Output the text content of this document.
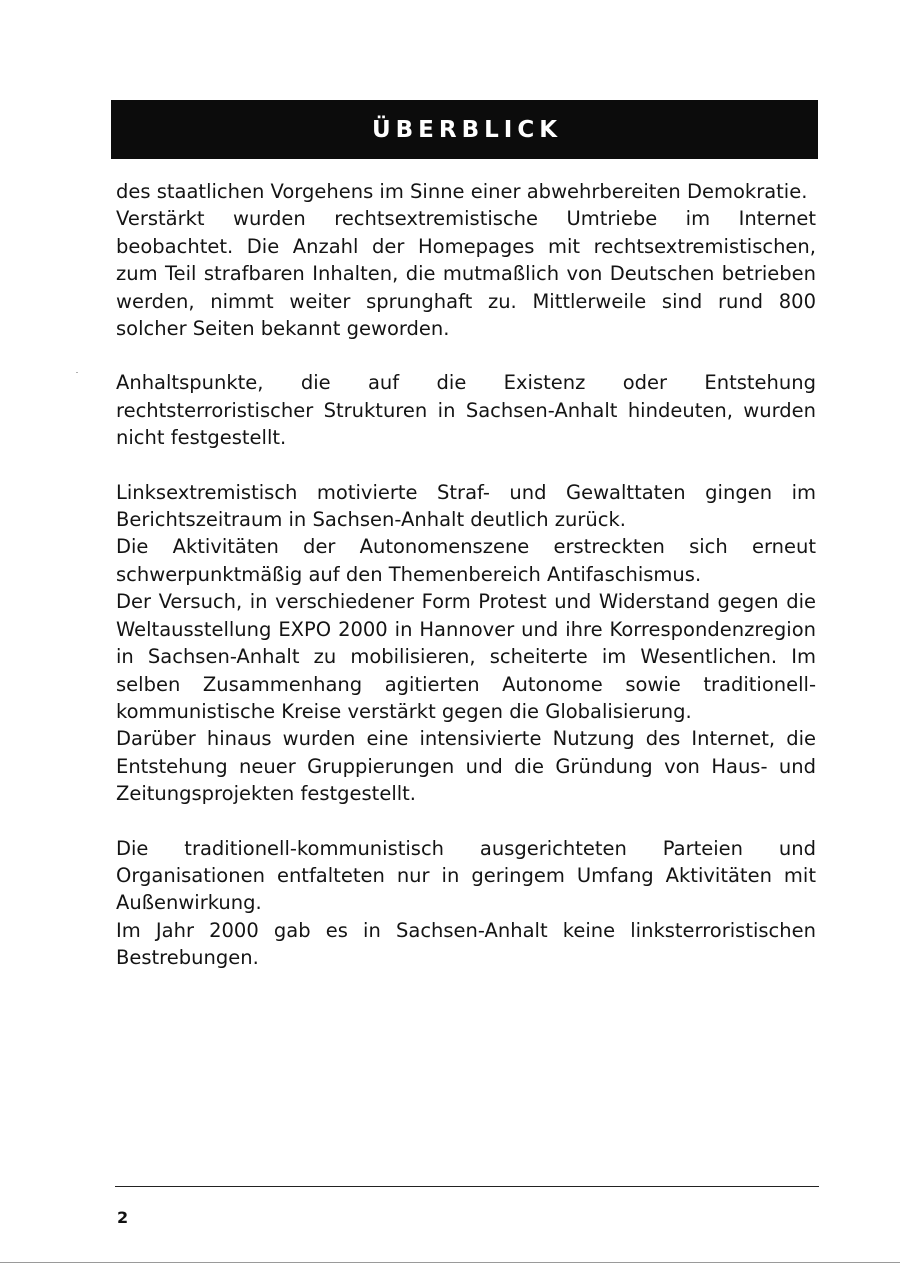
ÜBERBLICK

des staatlichen Vorgehens im Sinne einer abwehrbereiten Demokratie.

Verstärkt wurden rechtsextremistische Umtriebe im Internet beobachtet. Die Anzahl der Homepages mit rechtsextremistischen, zum Teil strafbaren Inhalten, die mutmaßlich von Deutschen betrieben werden, nimmt weiter sprunghaft zu. Mittlerweile sind rund 800 solcher Seiten bekannt geworden.

Anhaltspunkte, die auf die Existenz oder Entstehung rechtsterroristischer Strukturen in Sachsen-Anhalt hindeuten, wurden nicht festgestellt.

Linksextremistisch motivierte Straf- und Gewalttaten gingen im Berichtszeitraum in Sachsen-Anhalt deutlich zurück.

Die Aktivitäten der Autonomenszene erstreckten sich erneut schwerpunktmäßig auf den Themenbereich Antifaschismus.

Der Versuch, in verschiedener Form Protest und Widerstand gegen die Weltausstellung EXPO 2000 in Hannover und ihre Korrespondenzregion in Sachsen-Anhalt zu mobilisieren, scheiterte im Wesentlichen. Im selben Zusammenhang agitierten Autonome sowie traditionell-kommunistische Kreise verstärkt gegen die Globalisierung.

Darüber hinaus wurden eine intensivierte Nutzung des Internet, die Entstehung neuer Gruppierungen und die Gründung von Haus- und Zeitungsprojekten festgestellt.

Die traditionell-kommunistisch ausgerichteten Parteien und Organisationen entfalteten nur in geringem Umfang Aktivitäten mit Außenwirkung.

Im Jahr 2000 gab es in Sachsen-Anhalt keine linksterroristischen Bestrebungen.

2
